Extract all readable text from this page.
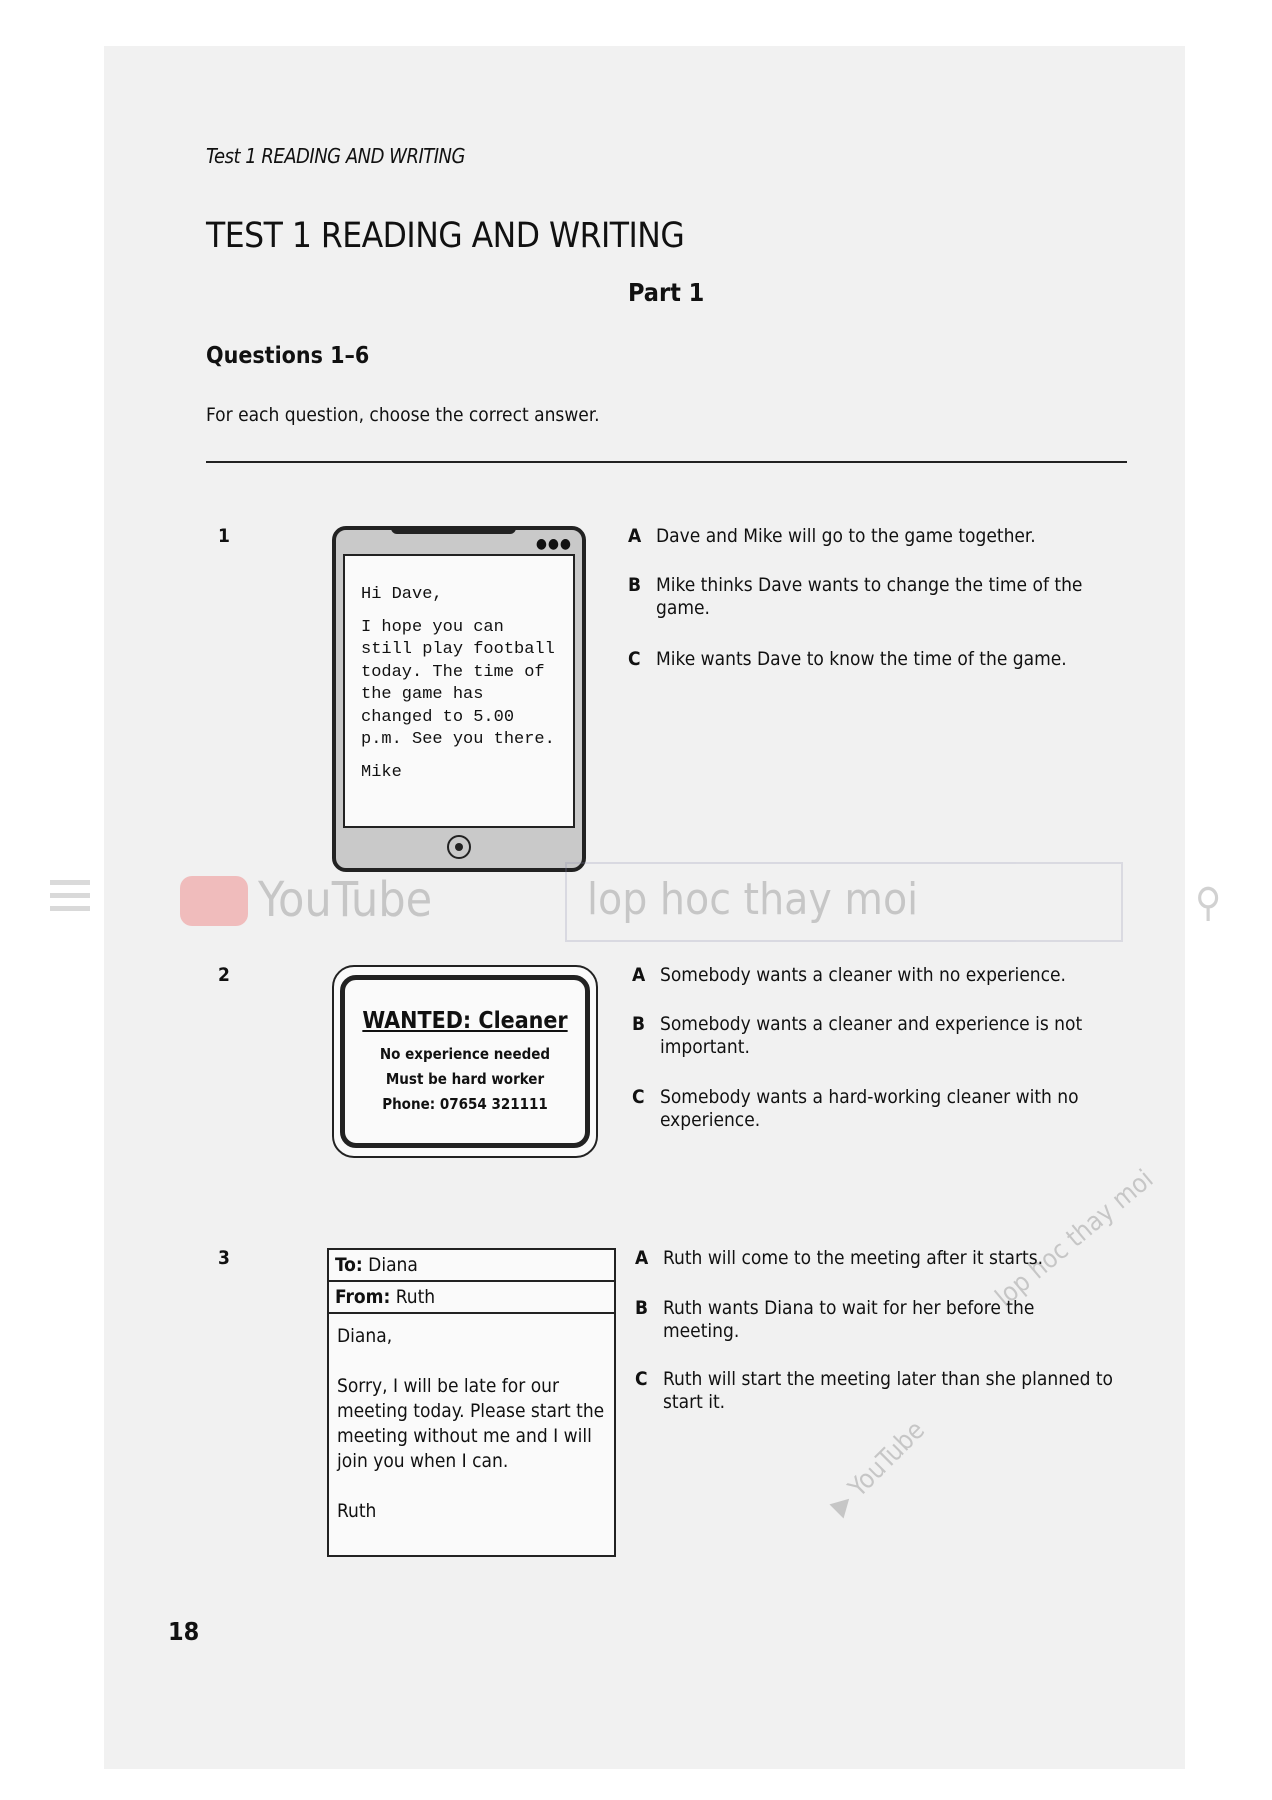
Test 1 READING AND WRITING
TEST 1 READING AND WRITING
Part 1
Questions 1–6
For each question, choose the correct answer.
1	●●●

Hi Dave,

I hope you can still play football today. The time of the game has changed to 5.00 p.m. See you there.

Mike

A Dave and Mike will go to the game together.
B Mike thinks Dave wants to change the time of the game.
C Mike wants Dave to know the time of the game.
YouTube	lop hoc thay moi	⚲
2
WANTED: Cleaner
No experience needed
Must be hard worker
Phone: 07654 321111
A Somebody wants a cleaner with no experience.
B Somebody wants a cleaner and experience is not important.
C Somebody wants a hard-working cleaner with no experience.
3	To: Diana
From: Ruth

Diana,

Sorry, I will be late for our meeting today. Please start the meeting without me and I will join you when I can.

Ruth

A Ruth will come to the meeting after it starts.
B Ruth wants Diana to wait for her before the meeting.
C Ruth will start the meeting later than she planned to start it.
lop hoc thay moi
▶ YouTube
18
